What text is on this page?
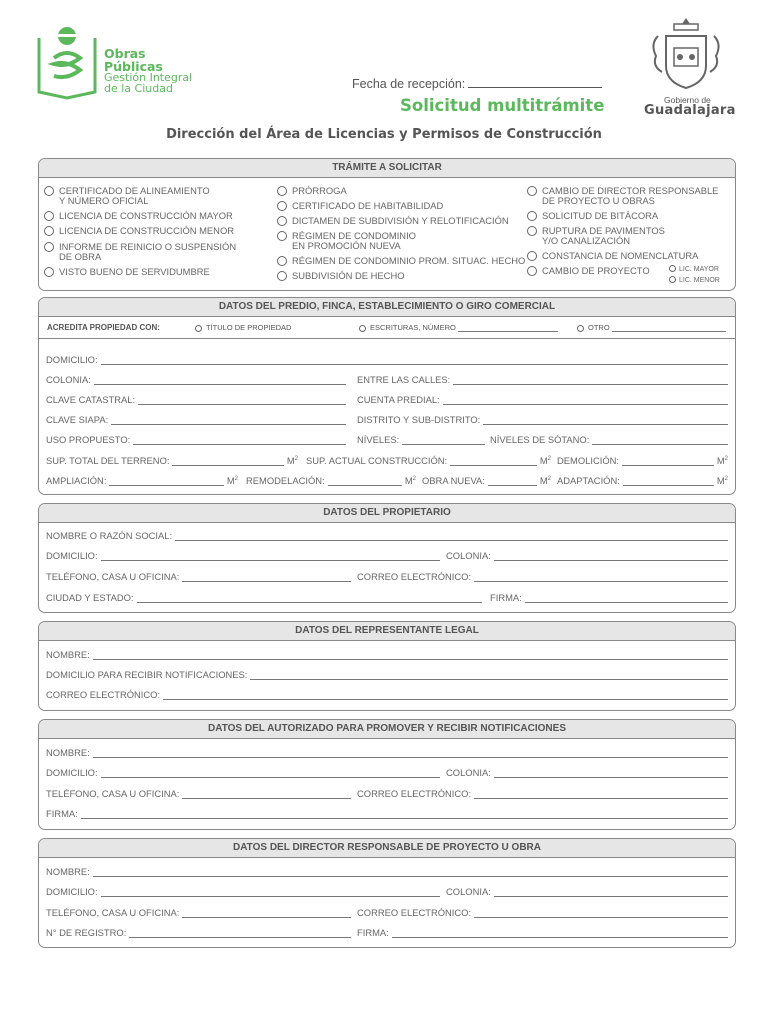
Obras
Públicas
Gestión Integral
de la Ciudad	Fecha de recepción:
Solicitud multitrámite	Gobierno de
Guadalajara
Dirección del Área de Licencias y Permisos de Construcción
TRÁMITE A SOLICITAR
CERTIFICADO DE ALINEAMIENTO
Y NÚMERO OFICIAL
LICENCIA DE CONSTRUCCIÓN MAYOR
LICENCIA DE CONSTRUCCIÓN MENOR
INFORME DE REINICIO O SUSPENSIÓN
DE OBRA
VISTO BUENO DE SERVIDUMBRE
PRÓRROGA
CERTIFICADO DE HABITABILIDAD
DICTAMEN DE SUBDIVISIÓN Y RELOTIFICACIÓN
RÉGIMEN DE CONDOMINIO
EN PROMOCIÓN NUEVA
RÉGIMEN DE CONDOMINIO PROM. SITUAC. HECHO
SUBDIVISIÓN DE HECHO
CAMBIO DE DIRECTOR RESPONSABLE
DE PROYECTO U OBRAS
SOLICITUD DE BITÁCORA
RUPTURA DE PAVIMENTOS
Y/O CANALIZACIÓN
CONSTANCIA DE NOMENCLATURA
CAMBIO DE PROYECTO	LIC. MAYOR
LIC. MENOR
DATOS DEL PREDIO, FINCA, ESTABLECIMIENTO O GIRO COMERCIAL
ACREDITA PROPIEDAD CON:	TÍTULO DE PROPIEDAD	ESCRITURAS, NÚMERO	OTRO
DOMICILIO:
COLONIA:	ENTRE LAS CALLES:
CLAVE CATASTRAL:	CUENTA PREDIAL:
CLAVE SIAPA:	DISTRITO Y SUB-DISTRITO:
USO PROPUESTO:	NÍVELES:	NÍVELES DE SÓTANO:
SUP. TOTAL DEL TERRENO:	$M^2$ SUP. ACTUAL CONSTRUCCIÓN:	$M^2$ DEMOLICIÓN:	$M^2$
AMPLIACIÓN:	$M^2$ REMODELACIÓN:	$M^2$ OBRA NUEVA:	$M^2$ ADAPTACIÓN:	$M^2$
DATOS DEL PROPIETARIO
NOMBRE O RAZÓN SOCIAL:
DOMICILIO:	COLONIA:
TELÉFONO, CASA U OFICINA:	CORREO ELECTRÓNICO:
CIUDAD Y ESTADO:	FIRMA:
DATOS DEL REPRESENTANTE LEGAL
NOMBRE:
DOMICILIO PARA RECIBIR NOTIFICACIONES:
CORREO ELECTRÓNICO:
DATOS DEL AUTORIZADO PARA PROMOVER Y RECIBIR NOTIFICACIONES
NOMBRE:
DOMICILIO:	COLONIA:
TELÉFONO, CASA U OFICINA:	CORREO ELECTRÓNICO:
FIRMA:
DATOS DEL DIRECTOR RESPONSABLE DE PROYECTO U OBRA
NOMBRE:
DOMICILIO:	COLONIA:
TELÉFONO, CASA U OFICINA:	CORREO ELECTRÓNICO:
N° DE REGISTRO:	FIRMA:
